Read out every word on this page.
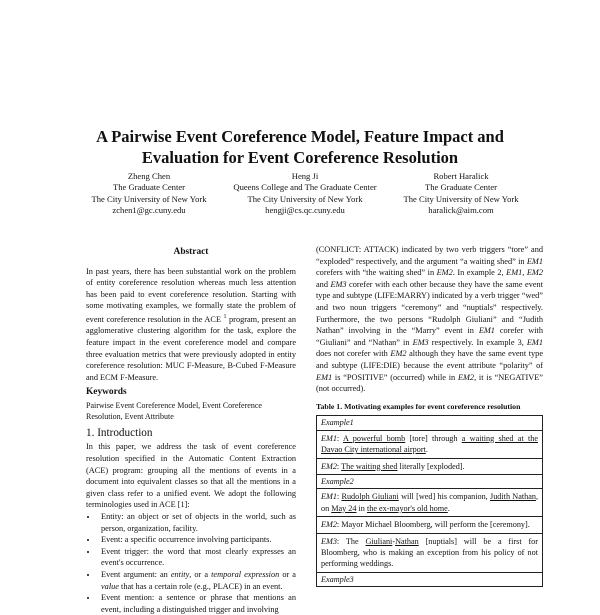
A Pairwise Event Coreference Model, Feature Impact and
Evaluation for Event Coreference Resolution
Zheng Chen
The Graduate Center
The City University of New York
zchen1@gc.cuny.edu
Heng Ji
Queens College and The Graduate Center
The City University of New York
hengji@cs.qc.cuny.edu
Robert Haralick
The Graduate Center
The City University of New York
haralick@aim.com
Abstract

In past years, there has been substantial work on the problem of entity coreference resolution whereas much less attention has been paid to event coreference resolution. Starting with some motivating examples, we formally state the problem of event coreference resolution in the ACE $^1$ program, present an agglomerative clustering algorithm for the task, explore the feature impact in the event coreference model and compare three evaluation metrics that were previously adopted in entity coreference resolution: MUC F-Measure, B-Cubed F-Measure and ECM F-Measure.

Keywords

Pairwise Event Coreference Model, Event Coreference Resolution, Event Attribute

1. Introduction

In this paper, we address the task of event coreference resolution specified in the Automatic Content Extraction (ACE) program: grouping all the mentions of events in a document into equivalent classes so that all the mentions in a given class refer to a unified event. We adopt the following terminologies used in ACE [1]:

• Entity: an object or set of objects in the world, such as person, organization, facility.
• Event: a specific occurrence involving participants.
• Event trigger: the word that most clearly expresses an event's occurrence.
• Event argument: an entity, or a temporal expression or a value that has a certain role (e.g., PLACE) in an event.
• Event mention: a sentence or phrase that mentions an event, including a distinguished trigger and involving

(CONFLICT: ATTACK) indicated by two verb triggers “tore” and “exploded” respectively, and the argument “a waiting shed” in EM1 corefers with “the waiting shed” in EM2. In example 2, EM1, EM2 and EM3 corefer with each other because they have the same event type and subtype (LIFE:MARRY) indicated by a verb trigger “wed” and two noun triggers “ceremony” and “nuptials” respectively. Furthermore, the two persons “Rudolph Giuliani” and “Judith Nathan” involving in the “Marry” event in EM1 corefer with “Giuliani” and “Nathan” in EM3 respectively. In example 3, EM1 does not corefer with EM2 although they have the same event type and subtype (LIFE:DIE) because the event attribute “polarity” of EM1 is “POSITIVE” (occurred) while in EM2, it is “NEGATIVE” (not occurred).

Table 1. Motivating examples for event coreference resolution
Example1
EM1: A powerful bomb [tore] through a waiting shed at the Davao City international airport.
EM2: The waiting shed literally [exploded].
Example2
EM1: Rudolph Giuliani will [wed] his companion, Judith Nathan, on May 24 in the ex-mayor's old home.
EM2: Mayor Michael Bloomberg, will perform the [ceremony].
EM3: The Giuliani-Nathan [nuptials] will be a first for Bloomberg, who is making an exception from his policy of not performing weddings.
Example3
